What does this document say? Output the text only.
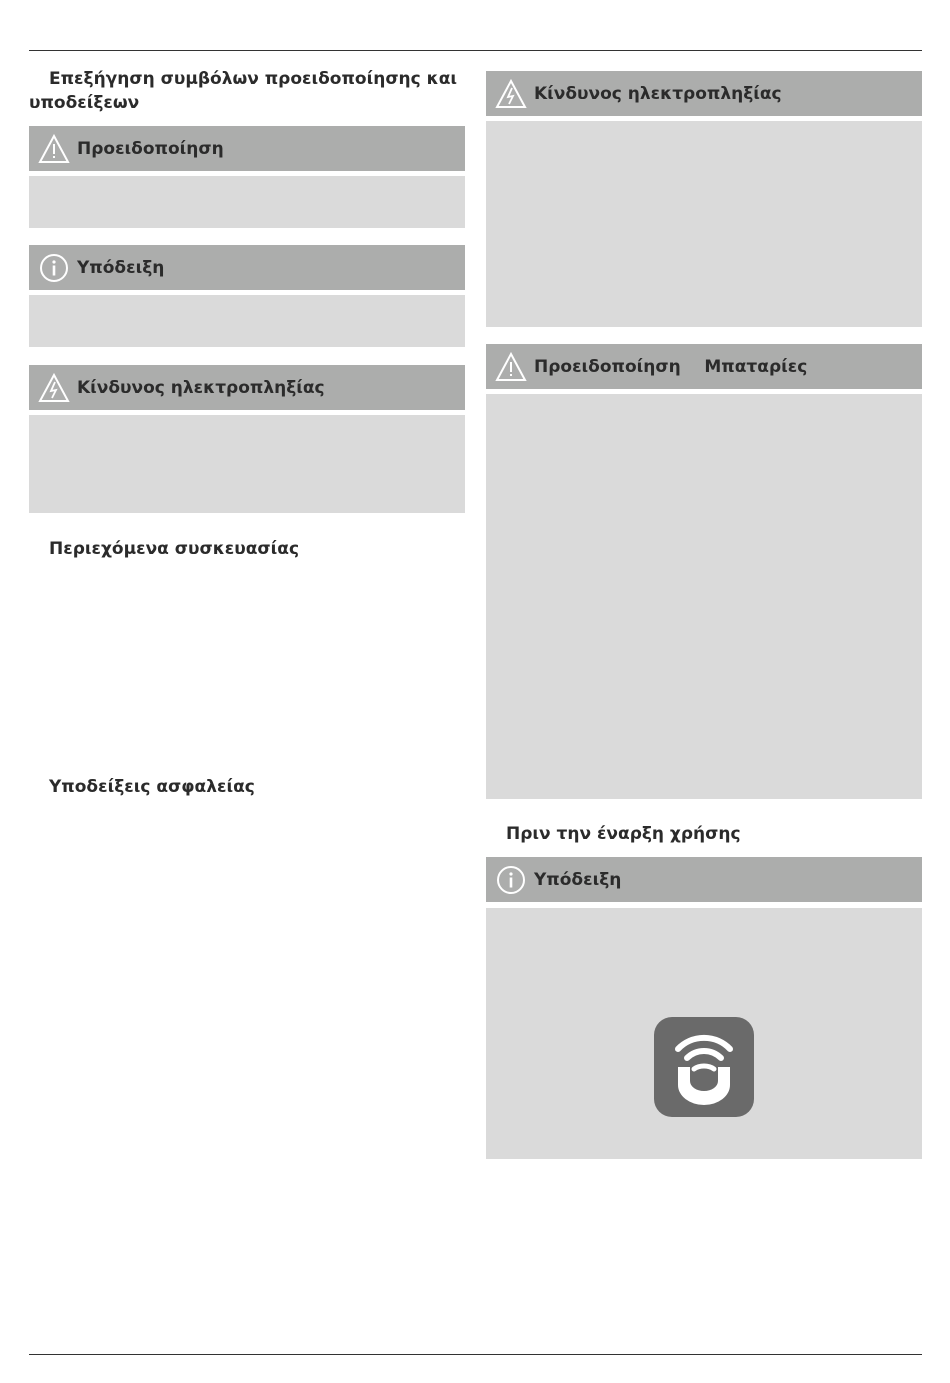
Επεξήγηση συμβόλων προειδοποίησης και
υποδείξεων
Προειδοποίηση
Υπόδειξη
Κίνδυνος ηλεκτροπληξίας
Περιεχόμενα συσκευασίας
Υποδείξεις ασφαλείας
Κίνδυνος ηλεκτροπληξίας
Προειδοποίηση    Μπαταρίες
Πριν την έναρξη χρήσης
Υπόδειξη
